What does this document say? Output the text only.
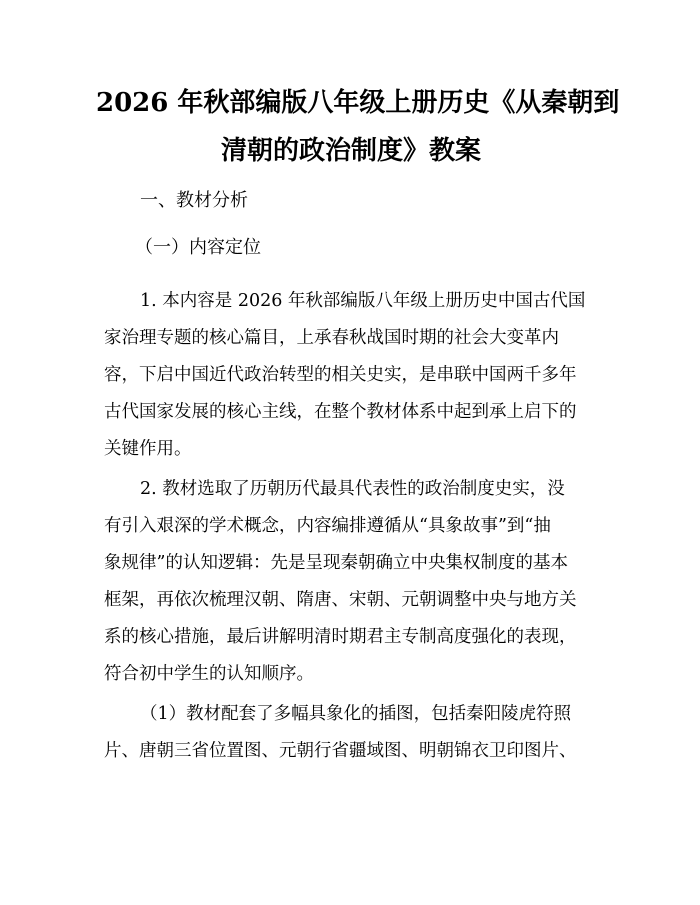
2026 年秋部编版八年级上册历史《从秦朝到
清朝的政治制度》教案

一、教材分析

（一）内容定位

1. 本内容是 2026 年秋部编版八年级上册历史中国古代国
家治理专题的核心篇目，上承春秋战国时期的社会大变革内
容，下启中国近代政治转型的相关史实，是串联中国两千多年
古代国家发展的核心主线，在整个教材体系中起到承上启下的
关键作用。
2. 教材选取了历朝历代最具代表性的政治制度史实，没
有引入艰深的学术概念，内容编排遵循从“具象故事”到“抽
象规律”的认知逻辑：先是呈现秦朝确立中央集权制度的基本
框架，再依次梳理汉朝、隋唐、宋朝、元朝调整中央与地方关
系的核心措施，最后讲解明清时期君主专制高度强化的表现，
符合初中学生的认知顺序。
（1）教材配套了多幅具象化的插图，包括秦阳陵虎符照
片、唐朝三省位置图、元朝行省疆域图、明朝锦衣卫印图片、
